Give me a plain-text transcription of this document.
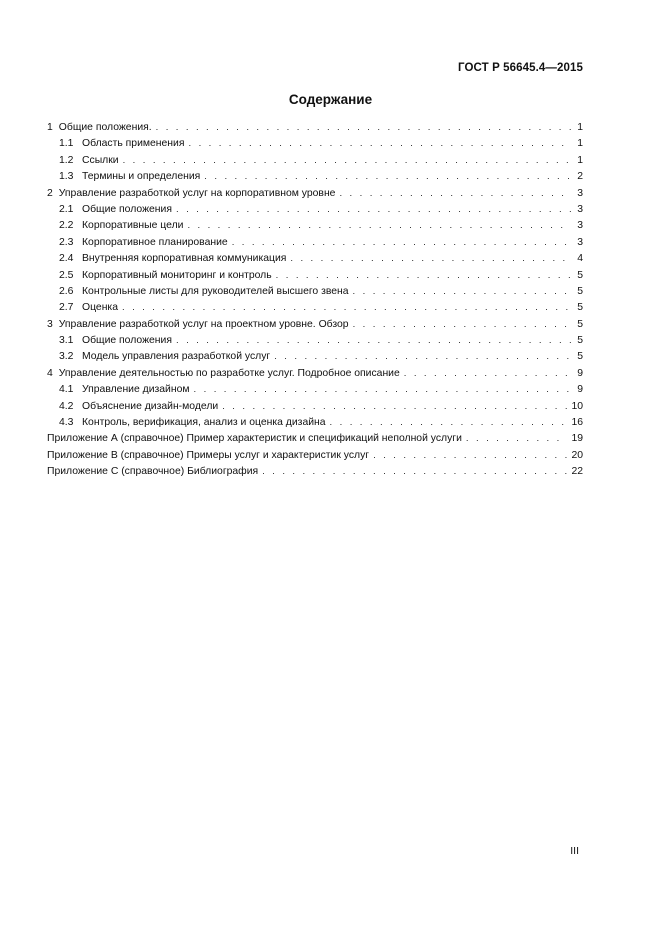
ГОСТ Р 56645.4—2015
Содержание
1 Общие положения. . . .	1
1.1 Область применения . . .	1
1.2 Ссылки . . .	1
1.3 Термины и определения . . .	2
2 Управление разработкой услуг на корпоративном уровне . . .	3
2.1 Общие положения . . .	3
2.2 Корпоративные цели . . .	3
2.3 Корпоративное планирование . . .	3
2.4 Внутренняя корпоративная коммуникация . . .	4
2.5 Корпоративный мониторинг и контроль . . .	5
2.6 Контрольные листы для руководителей высшего звена . . .	5
2.7 Оценка . . .	5
3 Управление разработкой услуг на проектном уровне. Обзор . . .	5
3.1 Общие положения . . .	5
3.2 Модель управления разработкой услуг . . .	5
4 Управление деятельностью по разработке услуг. Подробное описание . . .	9
4.1 Управление дизайном . . .	9
4.2 Объяснение дизайн-модели . . .	10
4.3 Контроль, верификация, анализ и оценка дизайна . . .	16
Приложение А (справочное) Пример характеристик и спецификаций неполной услуги . . .	19
Приложение В (справочное) Примеры услуг и характеристик услуг . . .	20
Приложение С (справочное) Библиография . . .	22
III
